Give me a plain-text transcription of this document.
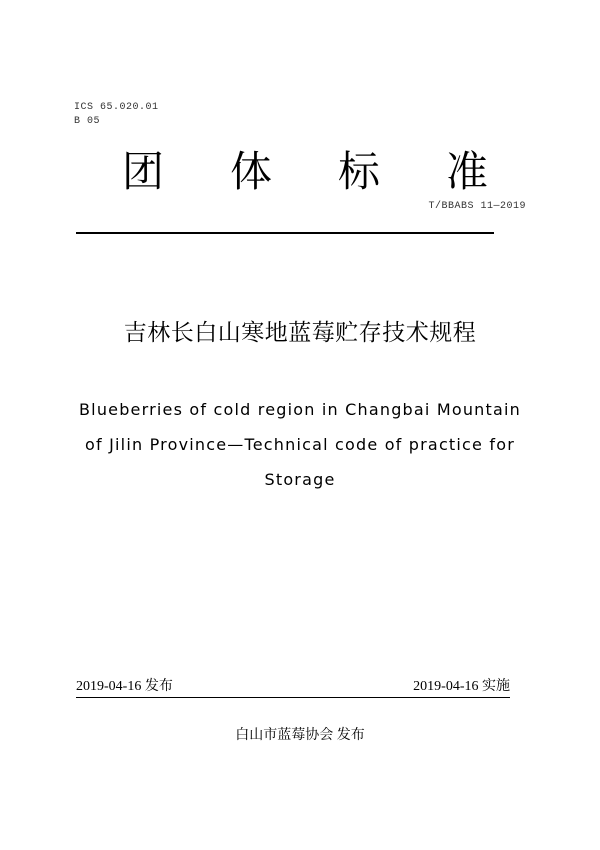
ICS 65.020.01
B 05
团 体 标 准
T/BBABS 11—2019
吉林长白山寒地蓝莓贮存技术规程
Blueberries of cold region in Changbai Mountain
of Jilin Province—Technical code of practice for
Storage
2019-04-16 发布	2019-04-16 实施
白山市蓝莓协会 发布
